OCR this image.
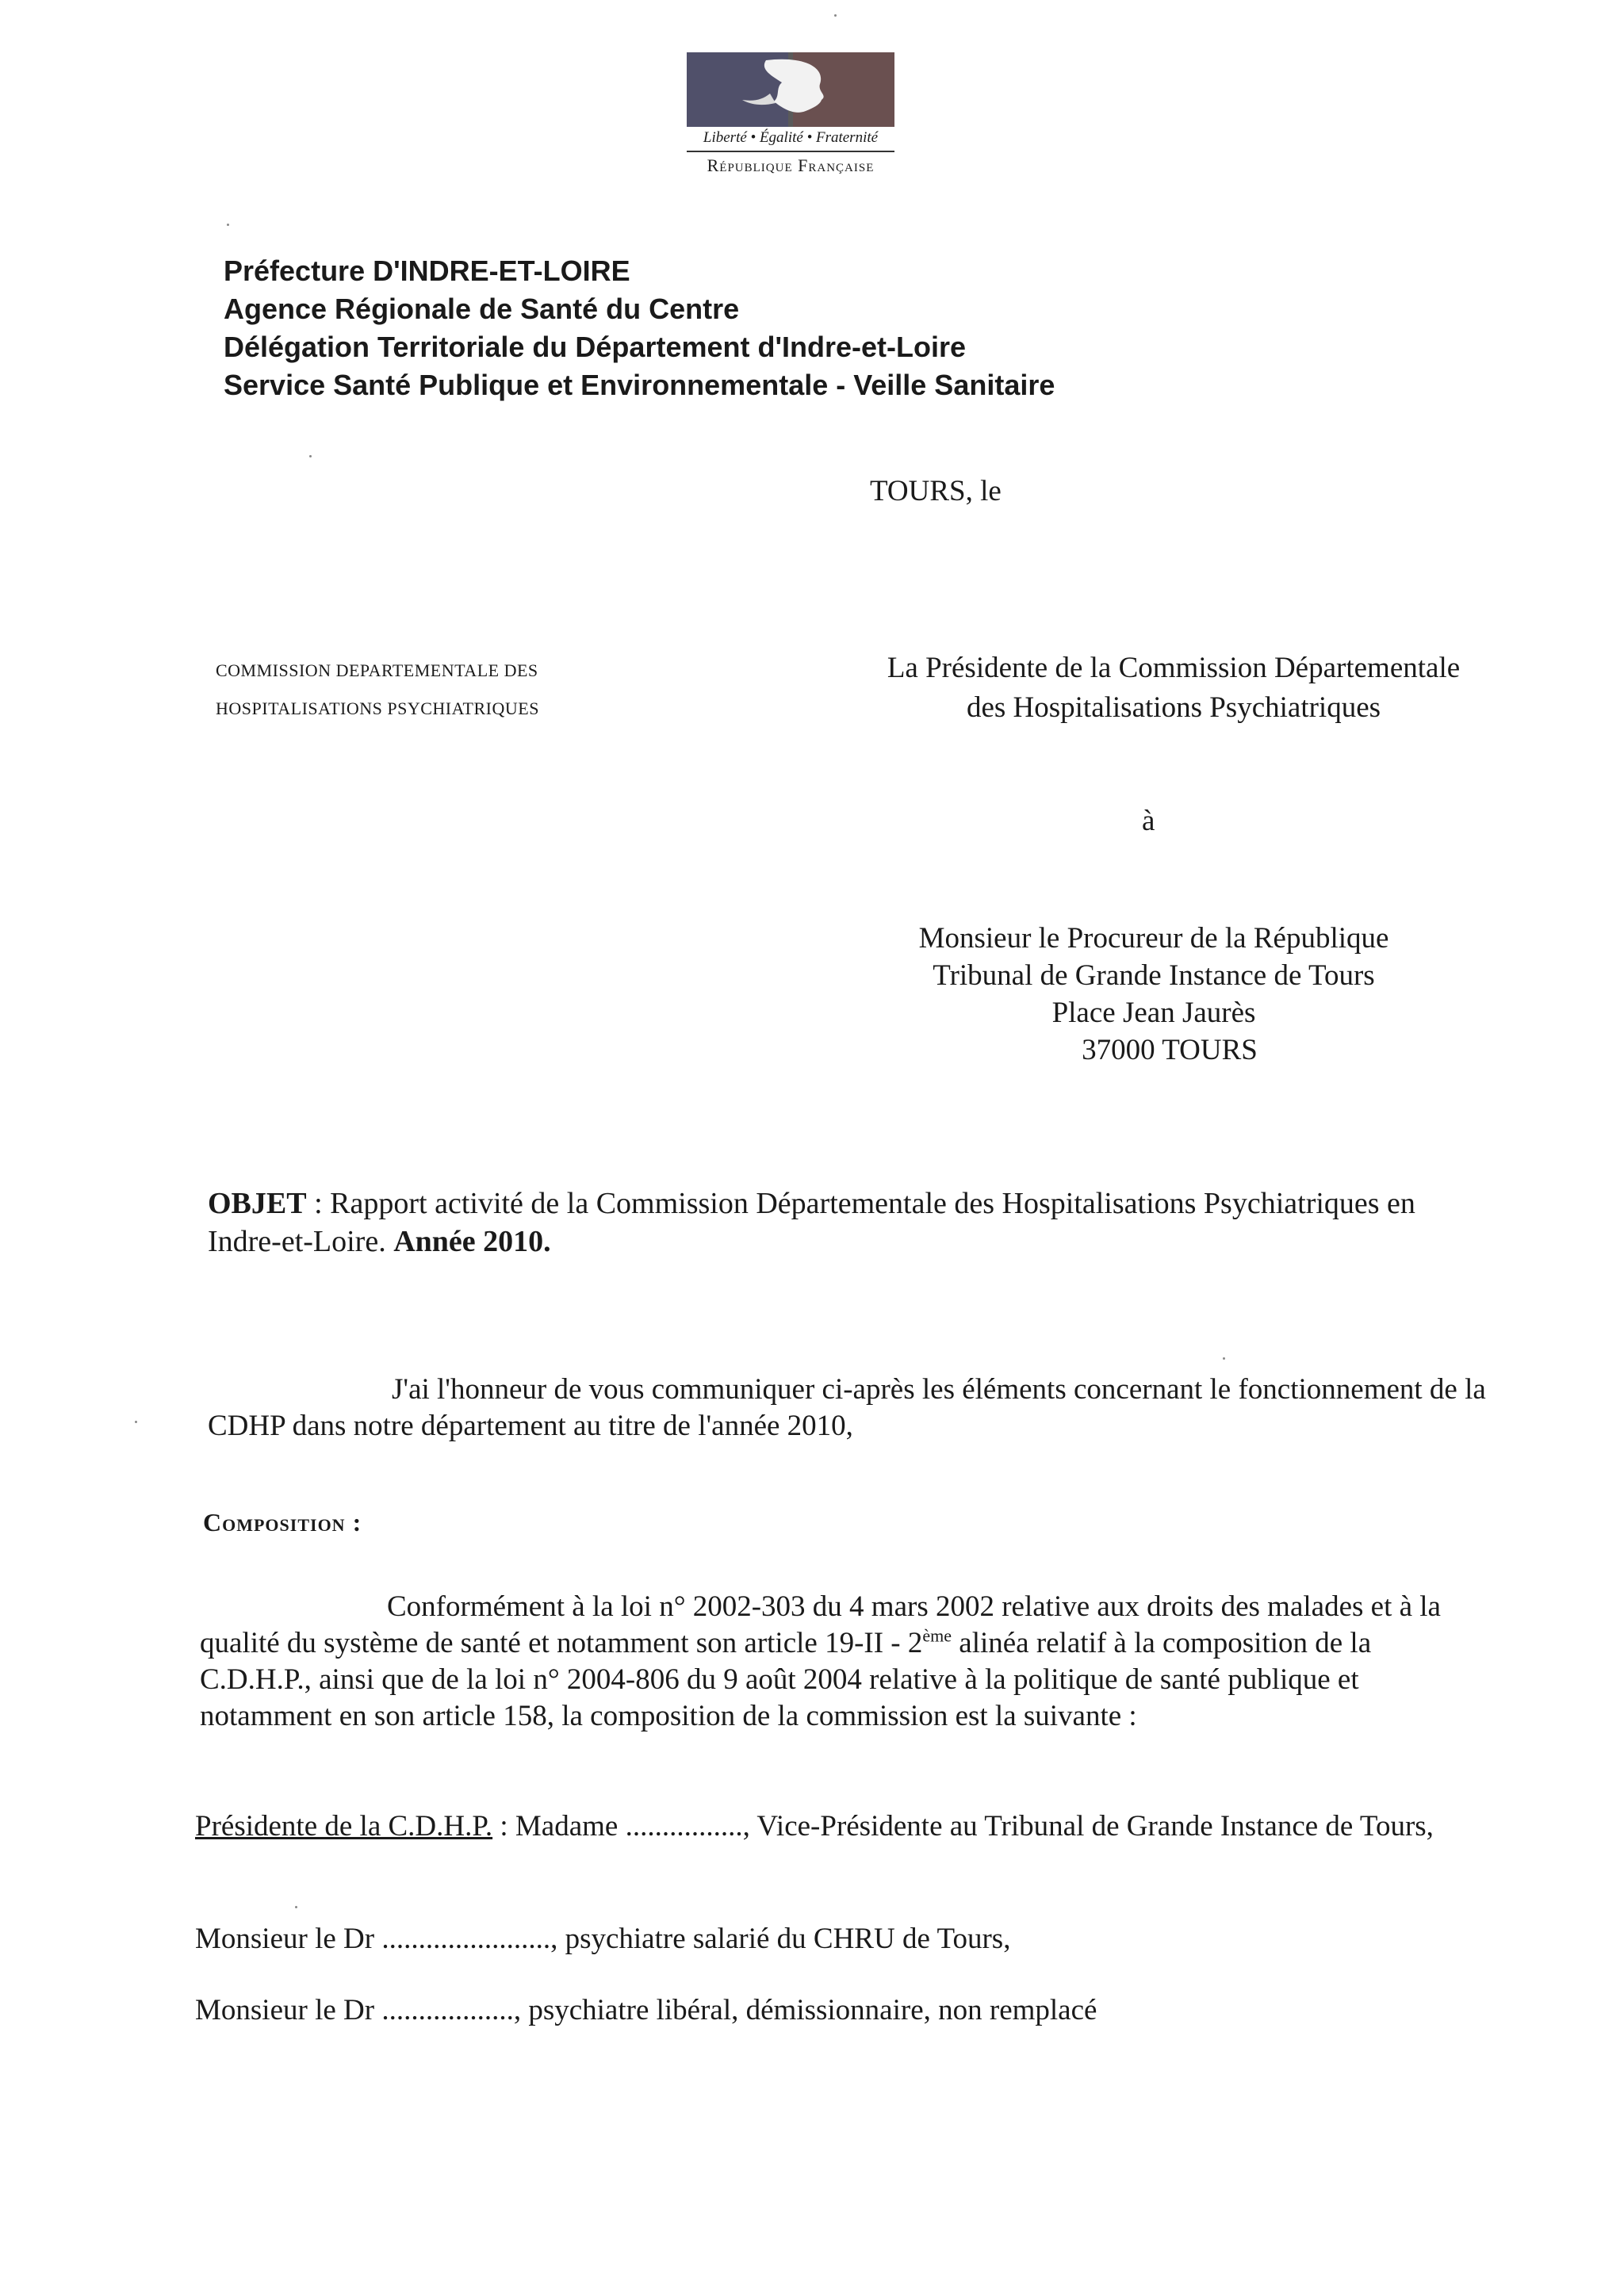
Liberté • Égalité • Fraternité
République Française
Préfecture D'INDRE-ET-LOIRE
Agence Régionale de Santé du Centre
Délégation Territoriale du Département d'Indre-et-Loire
Service Santé Publique et Environnementale - Veille Sanitaire
TOURS, le
COMMISSION DEPARTEMENTALE DES
HOSPITALISATIONS PSYCHIATRIQUES
La Présidente de la Commission Départementale
des Hospitalisations Psychiatriques
à
Monsieur le Procureur de la République
Tribunal de Grande Instance de Tours
Place Jean Jaurès
37000 TOURS
OBJET : Rapport activité de la Commission Départementale des Hospitalisations Psychiatriques en Indre-et-Loire. Année 2010.
J'ai l'honneur de vous communiquer ci-après les éléments concernant le fonctionnement de la CDHP dans notre département au titre de l'année 2010,
Composition :
Conformément à la loi n° 2002-303 du 4 mars 2002 relative aux droits des malades et à la qualité du système de santé et notamment son article 19-II - 2ème alinéa relatif à la composition de la C.D.H.P., ainsi que de la loi n° 2004-806 du 9 août 2004 relative à la politique de santé publique et notamment en son article 158, la composition de la commission est la suivante :
Présidente de la C.D.H.P. : Madame ................, Vice-Présidente au Tribunal de Grande Instance de Tours,
Monsieur le Dr ......................., psychiatre salarié du CHRU de Tours,
Monsieur le Dr .................., psychiatre libéral, démissionnaire, non remplacé
